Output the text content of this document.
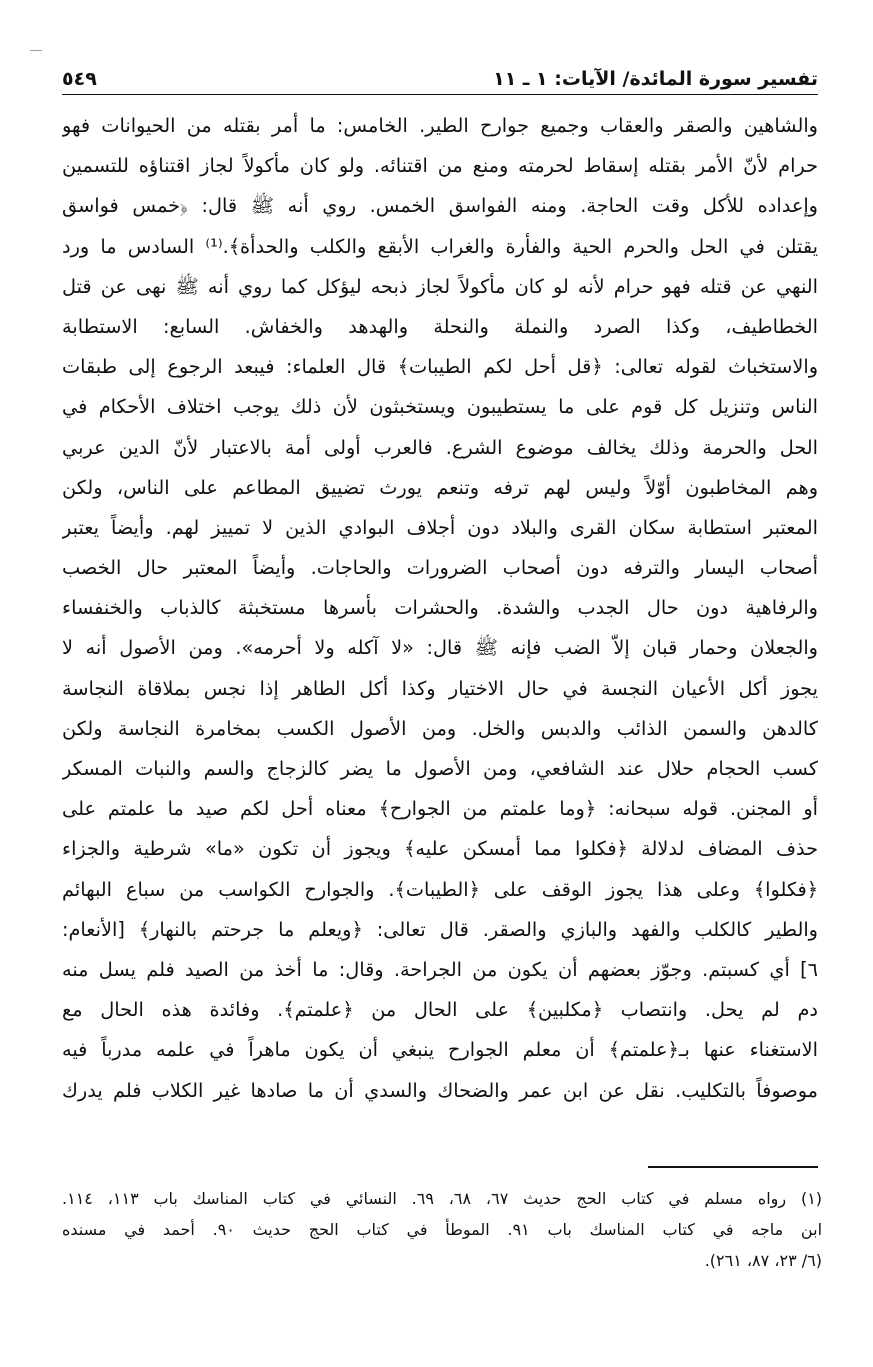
٥٤٩	تفسير سورة المائدة/ الآيات: ١ ـ ١١

والشاهين والصقر والعقاب وجميع جوارح الطير. الخامس: ما أمر بقتله من الحيوانات فهو

حرام لأنّ الأمر بقتله إسقاط لحرمته ومنع من اقتنائه. ولو كان مأكولاً لجاز اقتناؤه للتسمين

وإعداده للأكل وقت الحاجة. ومنه الفواسق الخمس. روي أنه ﷺ قال: ﴿خمس فواسق

يقتلن في الحل والحرم الحية والفأرة والغراب الأبقع والكلب والحدأة﴾.⁽¹⁾ السادس ما ورد

النهي عن قتله فهو حرام لأنه لو كان مأكولاً لجاز ذبحه ليؤكل كما روي أنه ﷺ نهى عن قتل

الخطاطيف، وكذا الصرد والنملة والنحلة والهدهد والخفاش. السابع: الاستطابة

والاستخباث لقوله تعالى: ﴿قل أحل لكم الطيبات﴾ قال العلماء: فيبعد الرجوع إلى طبقات

الناس وتنزيل كل قوم على ما يستطيبون ويستخبثون لأن ذلك يوجب اختلاف الأحكام في

الحل والحرمة وذلك يخالف موضوع الشرع. فالعرب أولى أمة بالاعتبار لأنّ الدين عربي

وهم المخاطبون أوّلاً وليس لهم ترفه وتنعم يورث تضييق المطاعم على الناس، ولكن

المعتبر استطابة سكان القرى والبلاد دون أجلاف البوادي الذين لا تمييز لهم. وأيضاً يعتبر

أصحاب اليسار والترفه دون أصحاب الضرورات والحاجات. وأيضاً المعتبر حال الخصب

والرفاهية دون حال الجدب والشدة. والحشرات بأسرها مستخبثة كالذباب والخنفساء

والجعلان وحمار قبان إلاّ الضب فإنه ﷺ قال: «لا آكله ولا أحرمه». ومن الأصول أنه لا

يجوز أكل الأعيان النجسة في حال الاختيار وكذا أكل الطاهر إذا نجس بملاقاة النجاسة

كالدهن والسمن الذائب والدبس والخل. ومن الأصول الكسب بمخامرة النجاسة ولكن

كسب الحجام حلال عند الشافعي، ومن الأصول ما يضر كالزجاج والسم والنبات المسكر

أو المجنن. قوله سبحانه: ﴿وما علمتم من الجوارح﴾ معناه أحل لكم صيد ما علمتم على

حذف المضاف لدلالة ﴿فكلوا مما أمسكن عليه﴾ ويجوز أن تكون «ما» شرطية والجزاء

﴿فكلوا﴾ وعلى هذا يجوز الوقف على ﴿الطيبات﴾. والجوارح الكواسب من سباع البهائم

والطير كالكلب والفهد والبازي والصقر. قال تعالى: ﴿ويعلم ما جرحتم بالنهار﴾ [الأنعام:

٦] أي كسبتم. وجوّز بعضهم أن يكون من الجراحة. وقال: ما أخذ من الصيد فلم يسل منه

دم لم يحل. وانتصاب ﴿مكلبين﴾ على الحال من ﴿علمتم﴾. وفائدة هذه الحال مع

الاستغناء عنها بـ﴿علمتم﴾ أن معلم الجوارح ينبغي أن يكون ماهراً في علمه مدرباً فيه

موصوفاً بالتكليب. نقل عن ابن عمر والضحاك والسدي أن ما صادها غير الكلاب فلم يدرك

(١) رواه مسلم في كتاب الحج حديث ٦٧، ٦٨، ٦٩. النسائي في كتاب المناسك باب ١١٣، ١١٤.

ابن ماجه في كتاب المناسك باب ٩١. الموطأ في كتاب الحج حديث ٩٠. أحمد في مسنده

(٦/ ٢٣، ٨٧، ٢٦١).
